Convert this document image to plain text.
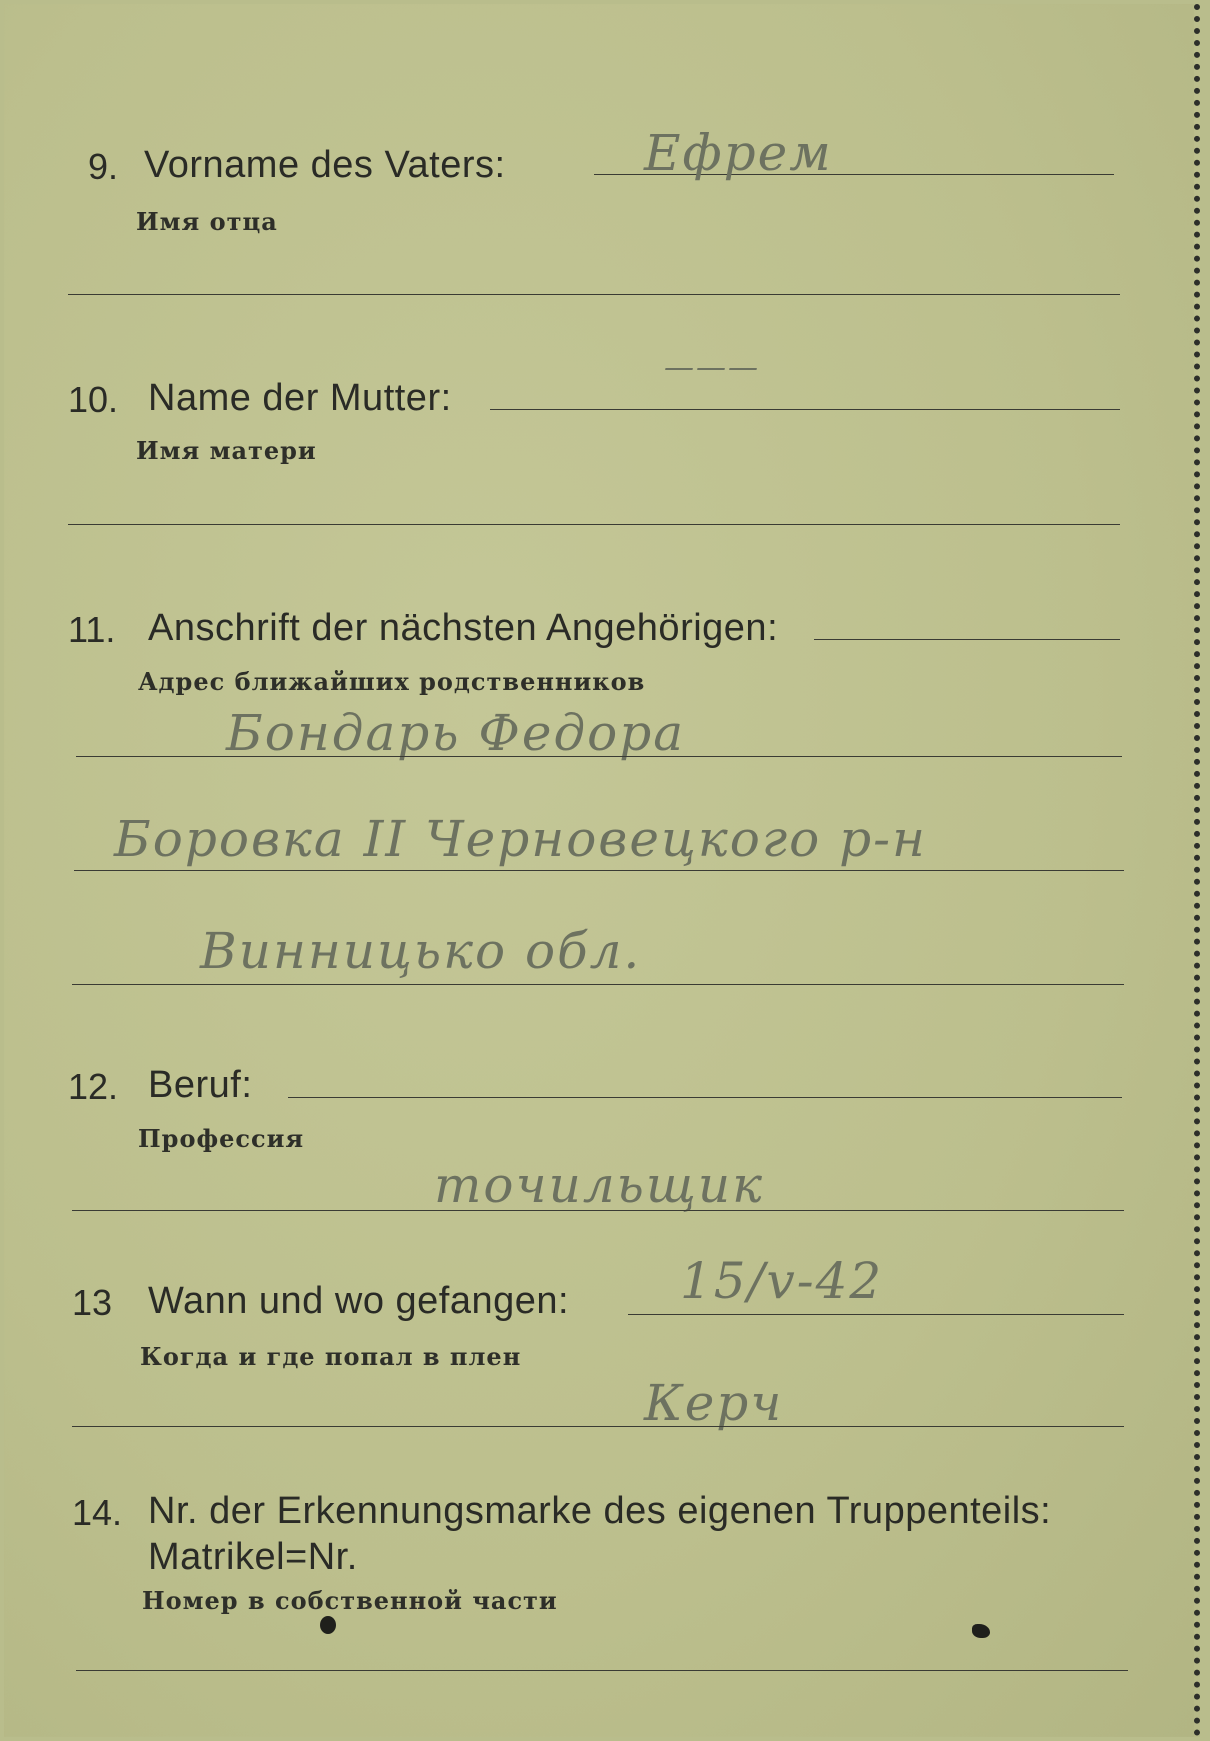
9. Vorname des Vaters:	Ефрем
Имя отца
10. Name der Mutter:
———
Имя матери
11. Anschrift der nächsten Angehörigen:
Адрес ближайших родственников
Бондарь Федора
Боровка II Черновецкого р-н
Винницько обл.
12. Beruf:
Профессия
точильщик
13 Wann und wo gefangen: 15/v-42
Когда и где попал в плен
Керч
14. Nr. der Erkennungsmarke des eigenen Truppenteils:
Matrikel=Nr.
Номер в собственной части
